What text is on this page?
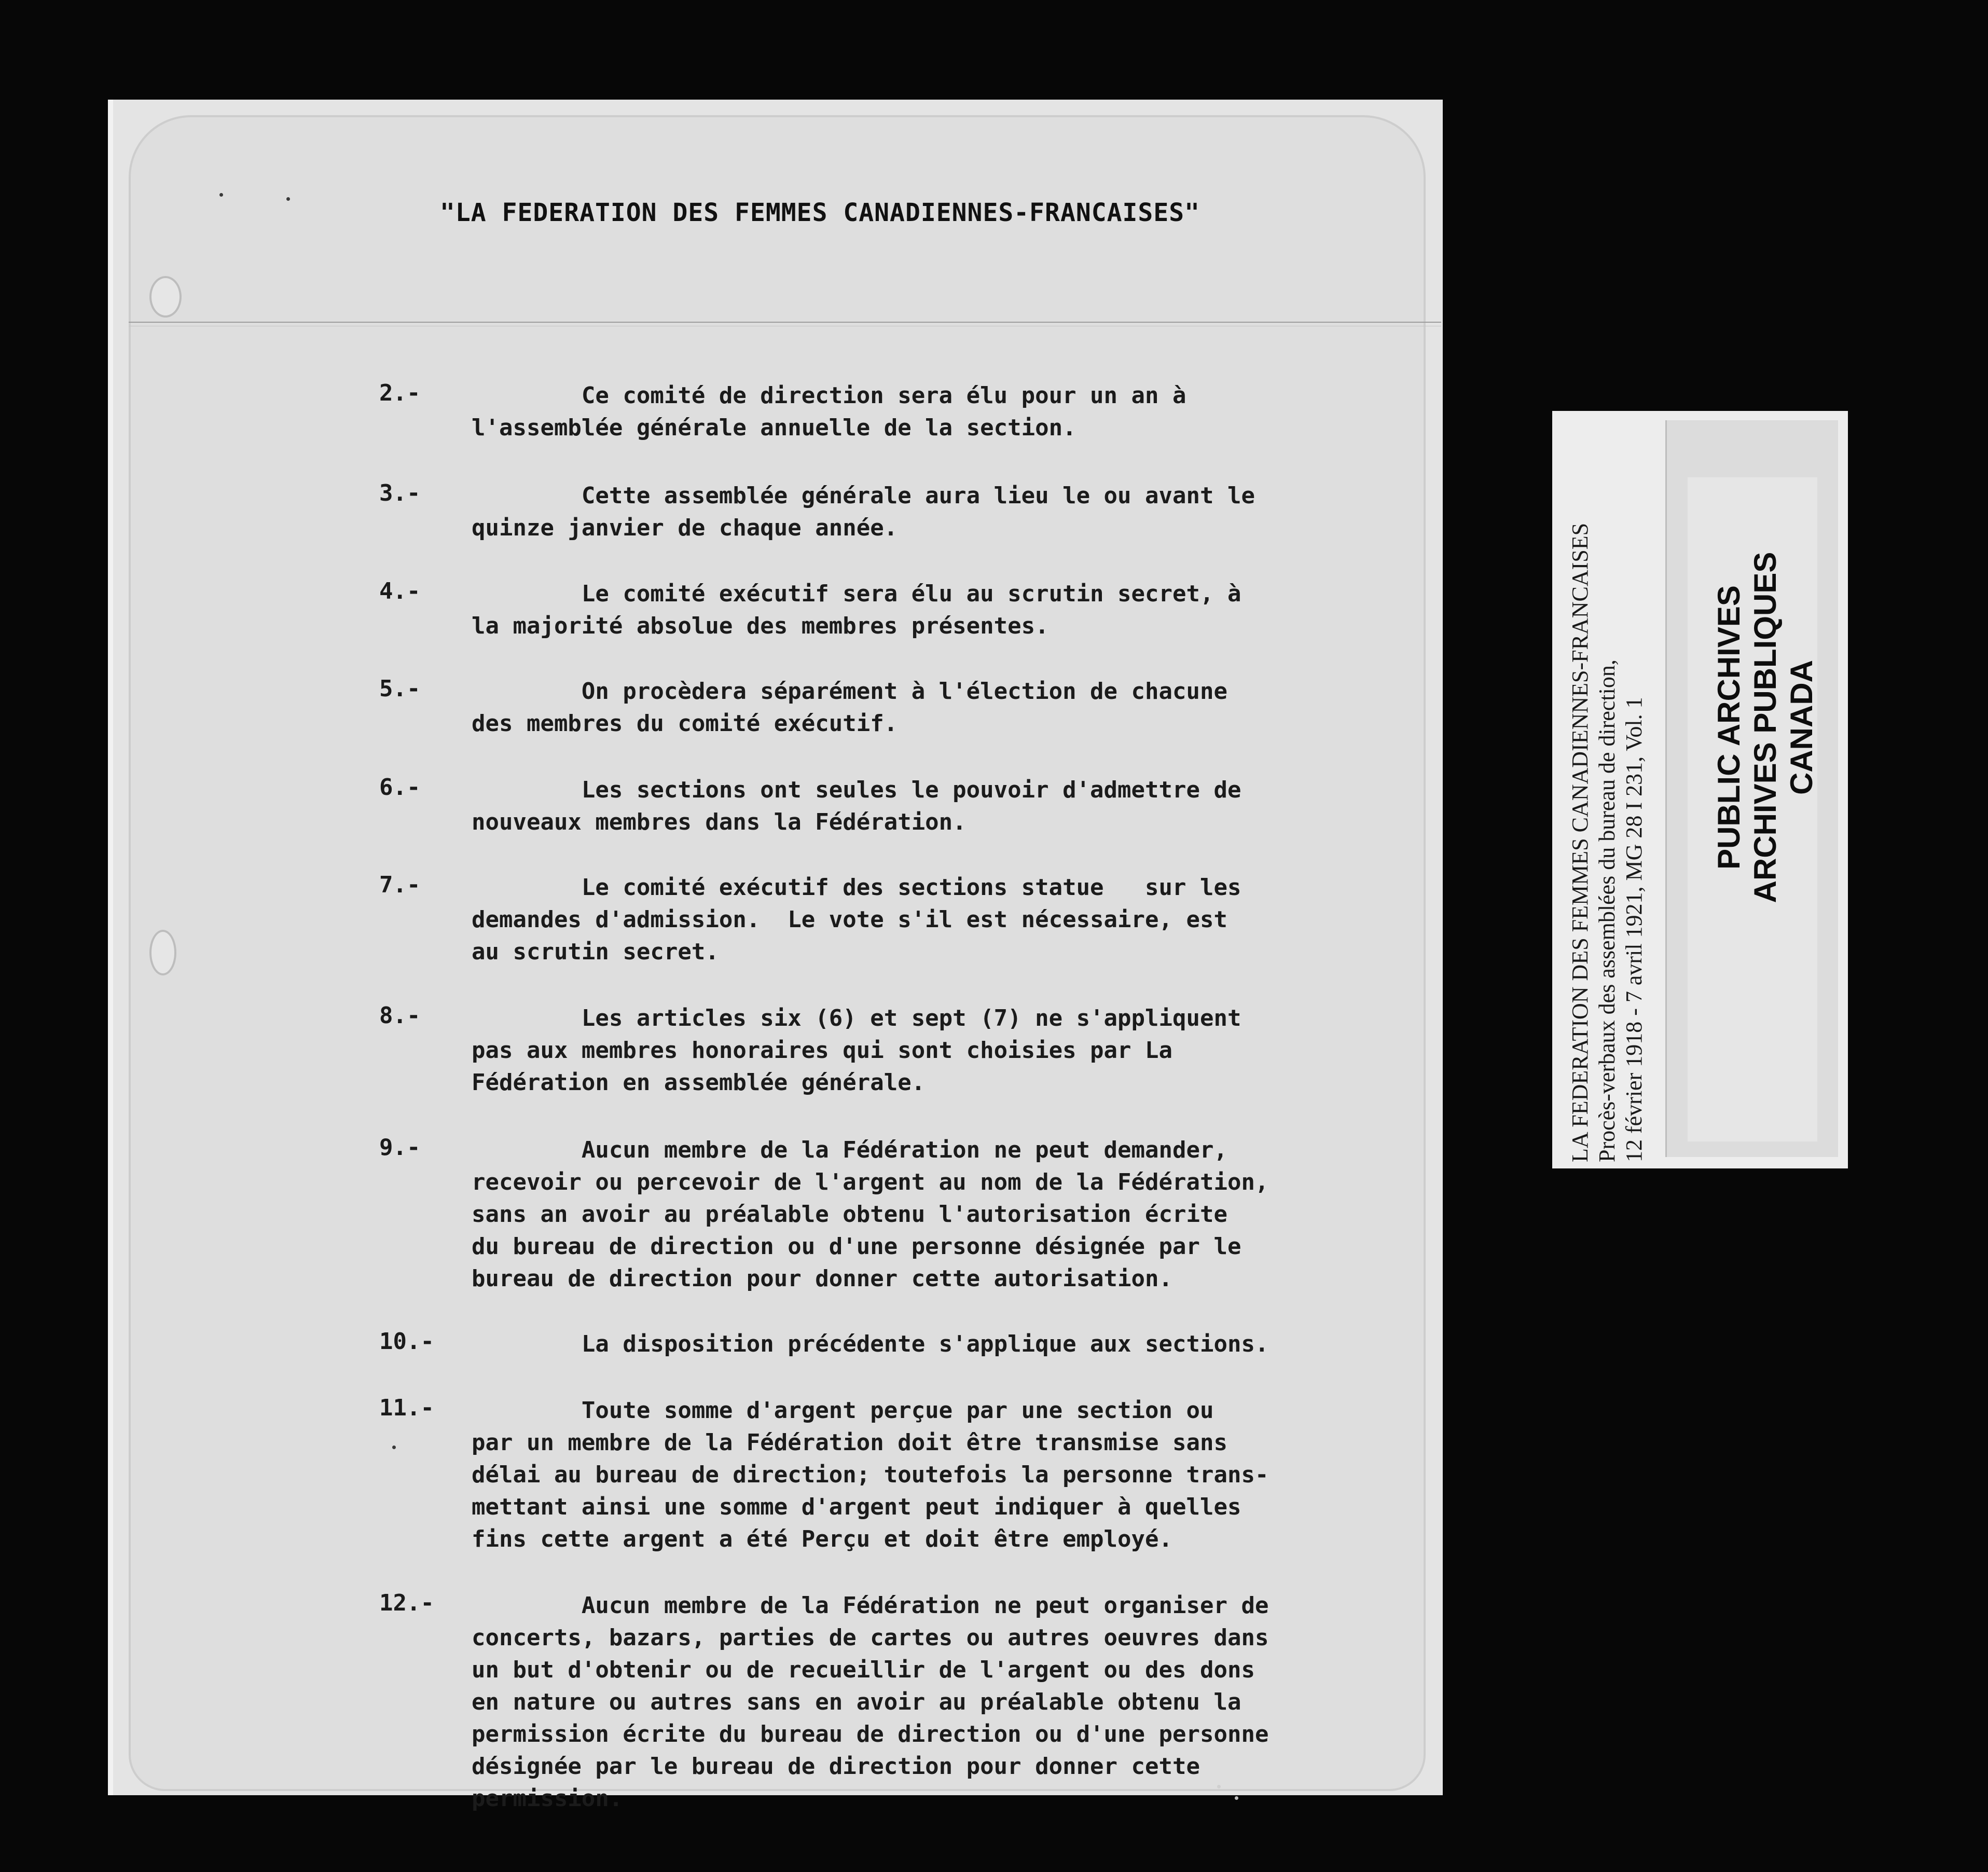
"LA FEDERATION DES FEMMES CANADIENNES-FRANCAISES"
2.-	Ce comité de direction sera élu pour un an à
l'assemblée générale annuelle de la section.
3.-	Cette assemblée générale aura lieu le ou avant le
quinze janvier de chaque année.
4.-	Le comité exécutif sera élu au scrutin secret, à
la majorité absolue des membres présentes.
5.-	On procèdera séparément à l'élection de chacune
des membres du comité exécutif.
6.-	Les sections ont seules le pouvoir d'admettre de
nouveaux membres dans la Fédération.
7.-	Le comité exécutif des sections statue   sur les
demandes d'admission.  Le vote s'il est nécessaire, est
au scrutin secret.
8.-	Les articles six (6) et sept (7) ne s'appliquent
pas aux membres honoraires qui sont choisies par La
Fédération en assemblée générale.
9.-	Aucun membre de la Fédération ne peut demander,
recevoir ou percevoir de l'argent au nom de la Fédération,
sans an avoir au préalable obtenu l'autorisation écrite
du bureau de direction ou d'une personne désignée par le
bureau de direction pour donner cette autorisation.
10.- La disposition précédente s'applique aux sections.
11.-	Toute somme d'argent perçue par une section ou
par un membre de la Fédération doit être transmise sans
délai au bureau de direction; toutefois la personne trans-
mettant ainsi une somme d'argent peut indiquer à quelles
fins cette argent a été Perçu et doit être employé.
12.-	Aucun membre de la Fédération ne peut organiser de
concerts, bazars, parties de cartes ou autres oeuvres dans
un but d'obtenir ou de recueillir de l'argent ou des dons
en nature ou autres sans en avoir au préalable obtenu la
permission écrite du bureau de direction ou d'une personne
désignée par le bureau de direction pour donner cette
permission.
LA FEDERATION DES FEMMES CANADIENNES-FRANCAISES Procès-verbaux des assemblées du bureau de direction, 12 février 1918 - 7 avril 1921, MG 28 I 231, Vol. 1 PUBLIC ARCHIVES ARCHIVES PUBLIQUES CANADA
